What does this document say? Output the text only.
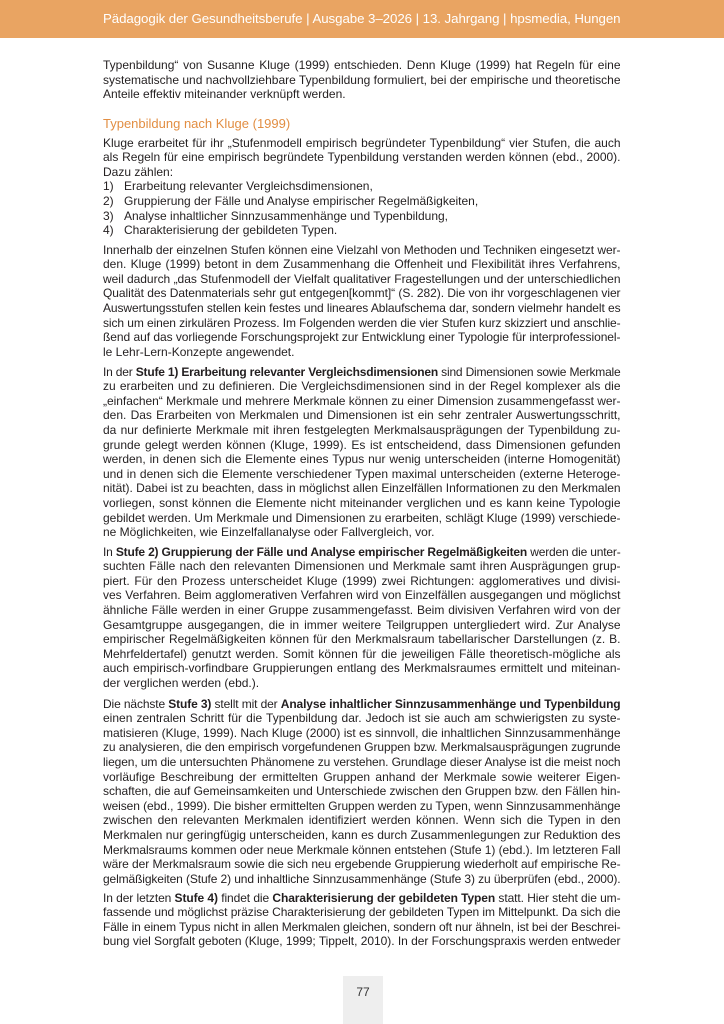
Pädagogik der Gesundheitsberufe | Ausgabe 3–2026 | 13. Jahrgang | hpsmedia, Hungen
Typenbildung“ von Susanne Kluge (1999) entschieden. Denn Kluge (1999) hat Regeln für eine
systematische und nachvollziehbare Typenbildung formuliert, bei der empirische und theoretische
Anteile effektiv miteinander verknüpft werden.
Typenbildung nach Kluge (1999)
Kluge erarbeitet für ihr „Stufenmodell empirisch begründeter Typenbildung“ vier Stufen, die auch
als Regeln für eine empirisch begründete Typenbildung verstanden werden können (ebd., 2000).
Dazu zählen:
1) Erarbeitung relevanter Vergleichsdimensionen,
2) Gruppierung der Fälle und Analyse empirischer Regelmäßigkeiten,
3) Analyse inhaltlicher Sinnzusammenhänge und Typenbildung,
4) Charakterisierung der gebildeten Typen.
Innerhalb der einzelnen Stufen können eine Vielzahl von Methoden und Techniken eingesetzt wer-
den. Kluge (1999) betont in dem Zusammenhang die Offenheit und Flexibilität ihres Verfahrens,
weil dadurch „das Stufenmodell der Vielfalt qualitativer Fragestellungen und der unterschiedlichen
Qualität des Datenmaterials sehr gut entgegen[kommt]“ (S. 282). Die von ihr vorgeschlagenen vier
Auswertungsstufen stellen kein festes und lineares Ablaufschema dar, sondern vielmehr handelt es
sich um einen zirkulären Prozess. Im Folgenden werden die vier Stufen kurz skizziert und anschlie-
ßend auf das vorliegende Forschungsprojekt zur Entwicklung einer Typologie für interprofessionel-
le Lehr-Lern-Konzepte angewendet.
In der Stufe 1) Erarbeitung relevanter Vergleichsdimensionen sind Dimensionen sowie Merkmale
zu erarbeiten und zu definieren. Die Vergleichsdimensionen sind in der Regel komplexer als die
„einfachen“ Merkmale und mehrere Merkmale können zu einer Dimension zusammengefasst wer-
den. Das Erarbeiten von Merkmalen und Dimensionen ist ein sehr zentraler Auswertungsschritt,
da nur definierte Merkmale mit ihren festgelegten Merkmalsausprägungen der Typenbildung zu-
grunde gelegt werden können (Kluge, 1999). Es ist entscheidend, dass Dimensionen gefunden
werden, in denen sich die Elemente eines Typus nur wenig unterscheiden (interne Homogenität)
und in denen sich die Elemente verschiedener Typen maximal unterscheiden (externe Heteroge-
nität). Dabei ist zu beachten, dass in möglichst allen Einzelfällen Informationen zu den Merkmalen
vorliegen, sonst können die Elemente nicht miteinander verglichen und es kann keine Typologie
gebildet werden. Um Merkmale und Dimensionen zu erarbeiten, schlägt Kluge (1999) verschiede-
ne Möglichkeiten, wie Einzelfallanalyse oder Fallvergleich, vor.
In Stufe 2) Gruppierung der Fälle und Analyse empirischer Regelmäßigkeiten werden die unter-
suchten Fälle nach den relevanten Dimensionen und Merkmale samt ihren Ausprägungen grup-
piert. Für den Prozess unterscheidet Kluge (1999) zwei Richtungen: agglomeratives und divisi-
ves Verfahren. Beim agglomerativen Verfahren wird von Einzelfällen ausgegangen und möglichst
ähnliche Fälle werden in einer Gruppe zusammengefasst. Beim divisiven Verfahren wird von der
Gesamtgruppe ausgegangen, die in immer weitere Teilgruppen untergliedert wird. Zur Analyse
empirischer Regelmäßigkeiten können für den Merkmalsraum tabellarischer Darstellungen (z. B.
Mehrfeldertafel) genutzt werden. Somit können für die jeweiligen Fälle theoretisch-mögliche als
auch empirisch-vorfindbare Gruppierungen entlang des Merkmalsraumes ermittelt und miteinan-
der verglichen werden (ebd.).
Die nächste Stufe 3) stellt mit der Analyse inhaltlicher Sinnzusammenhänge und Typenbildung
einen zentralen Schritt für die Typenbildung dar. Jedoch ist sie auch am schwierigsten zu syste-
matisieren (Kluge, 1999). Nach Kluge (2000) ist es sinnvoll, die inhaltlichen Sinnzusammenhänge
zu analysieren, die den empirisch vorgefundenen Gruppen bzw. Merkmalsausprägungen zugrunde
liegen, um die untersuchten Phänomene zu verstehen. Grundlage dieser Analyse ist die meist noch
vorläufige Beschreibung der ermittelten Gruppen anhand der Merkmale sowie weiterer Eigen-
schaften, die auf Gemeinsamkeiten und Unterschiede zwischen den Gruppen bzw. den Fällen hin-
weisen (ebd., 1999). Die bisher ermittelten Gruppen werden zu Typen, wenn Sinnzusammenhänge
zwischen den relevanten Merkmalen identifiziert werden können. Wenn sich die Typen in den
Merkmalen nur geringfügig unterscheiden, kann es durch Zusammenlegungen zur Reduktion des
Merkmalsraums kommen oder neue Merkmale können entstehen (Stufe 1) (ebd.). Im letzteren Fall
wäre der Merkmalsraum sowie die sich neu ergebende Gruppierung wiederholt auf empirische Re-
gelmäßigkeiten (Stufe 2) und inhaltliche Sinnzusammenhänge (Stufe 3) zu überprüfen (ebd., 2000).
In der letzten Stufe 4) findet die Charakterisierung der gebildeten Typen statt. Hier steht die um-
fassende und möglichst präzise Charakterisierung der gebildeten Typen im Mittelpunkt. Da sich die
Fälle in einem Typus nicht in allen Merkmalen gleichen, sondern oft nur ähneln, ist bei der Beschrei-
bung viel Sorgfalt geboten (Kluge, 1999; Tippelt, 2010). In der Forschungspraxis werden entweder
77
